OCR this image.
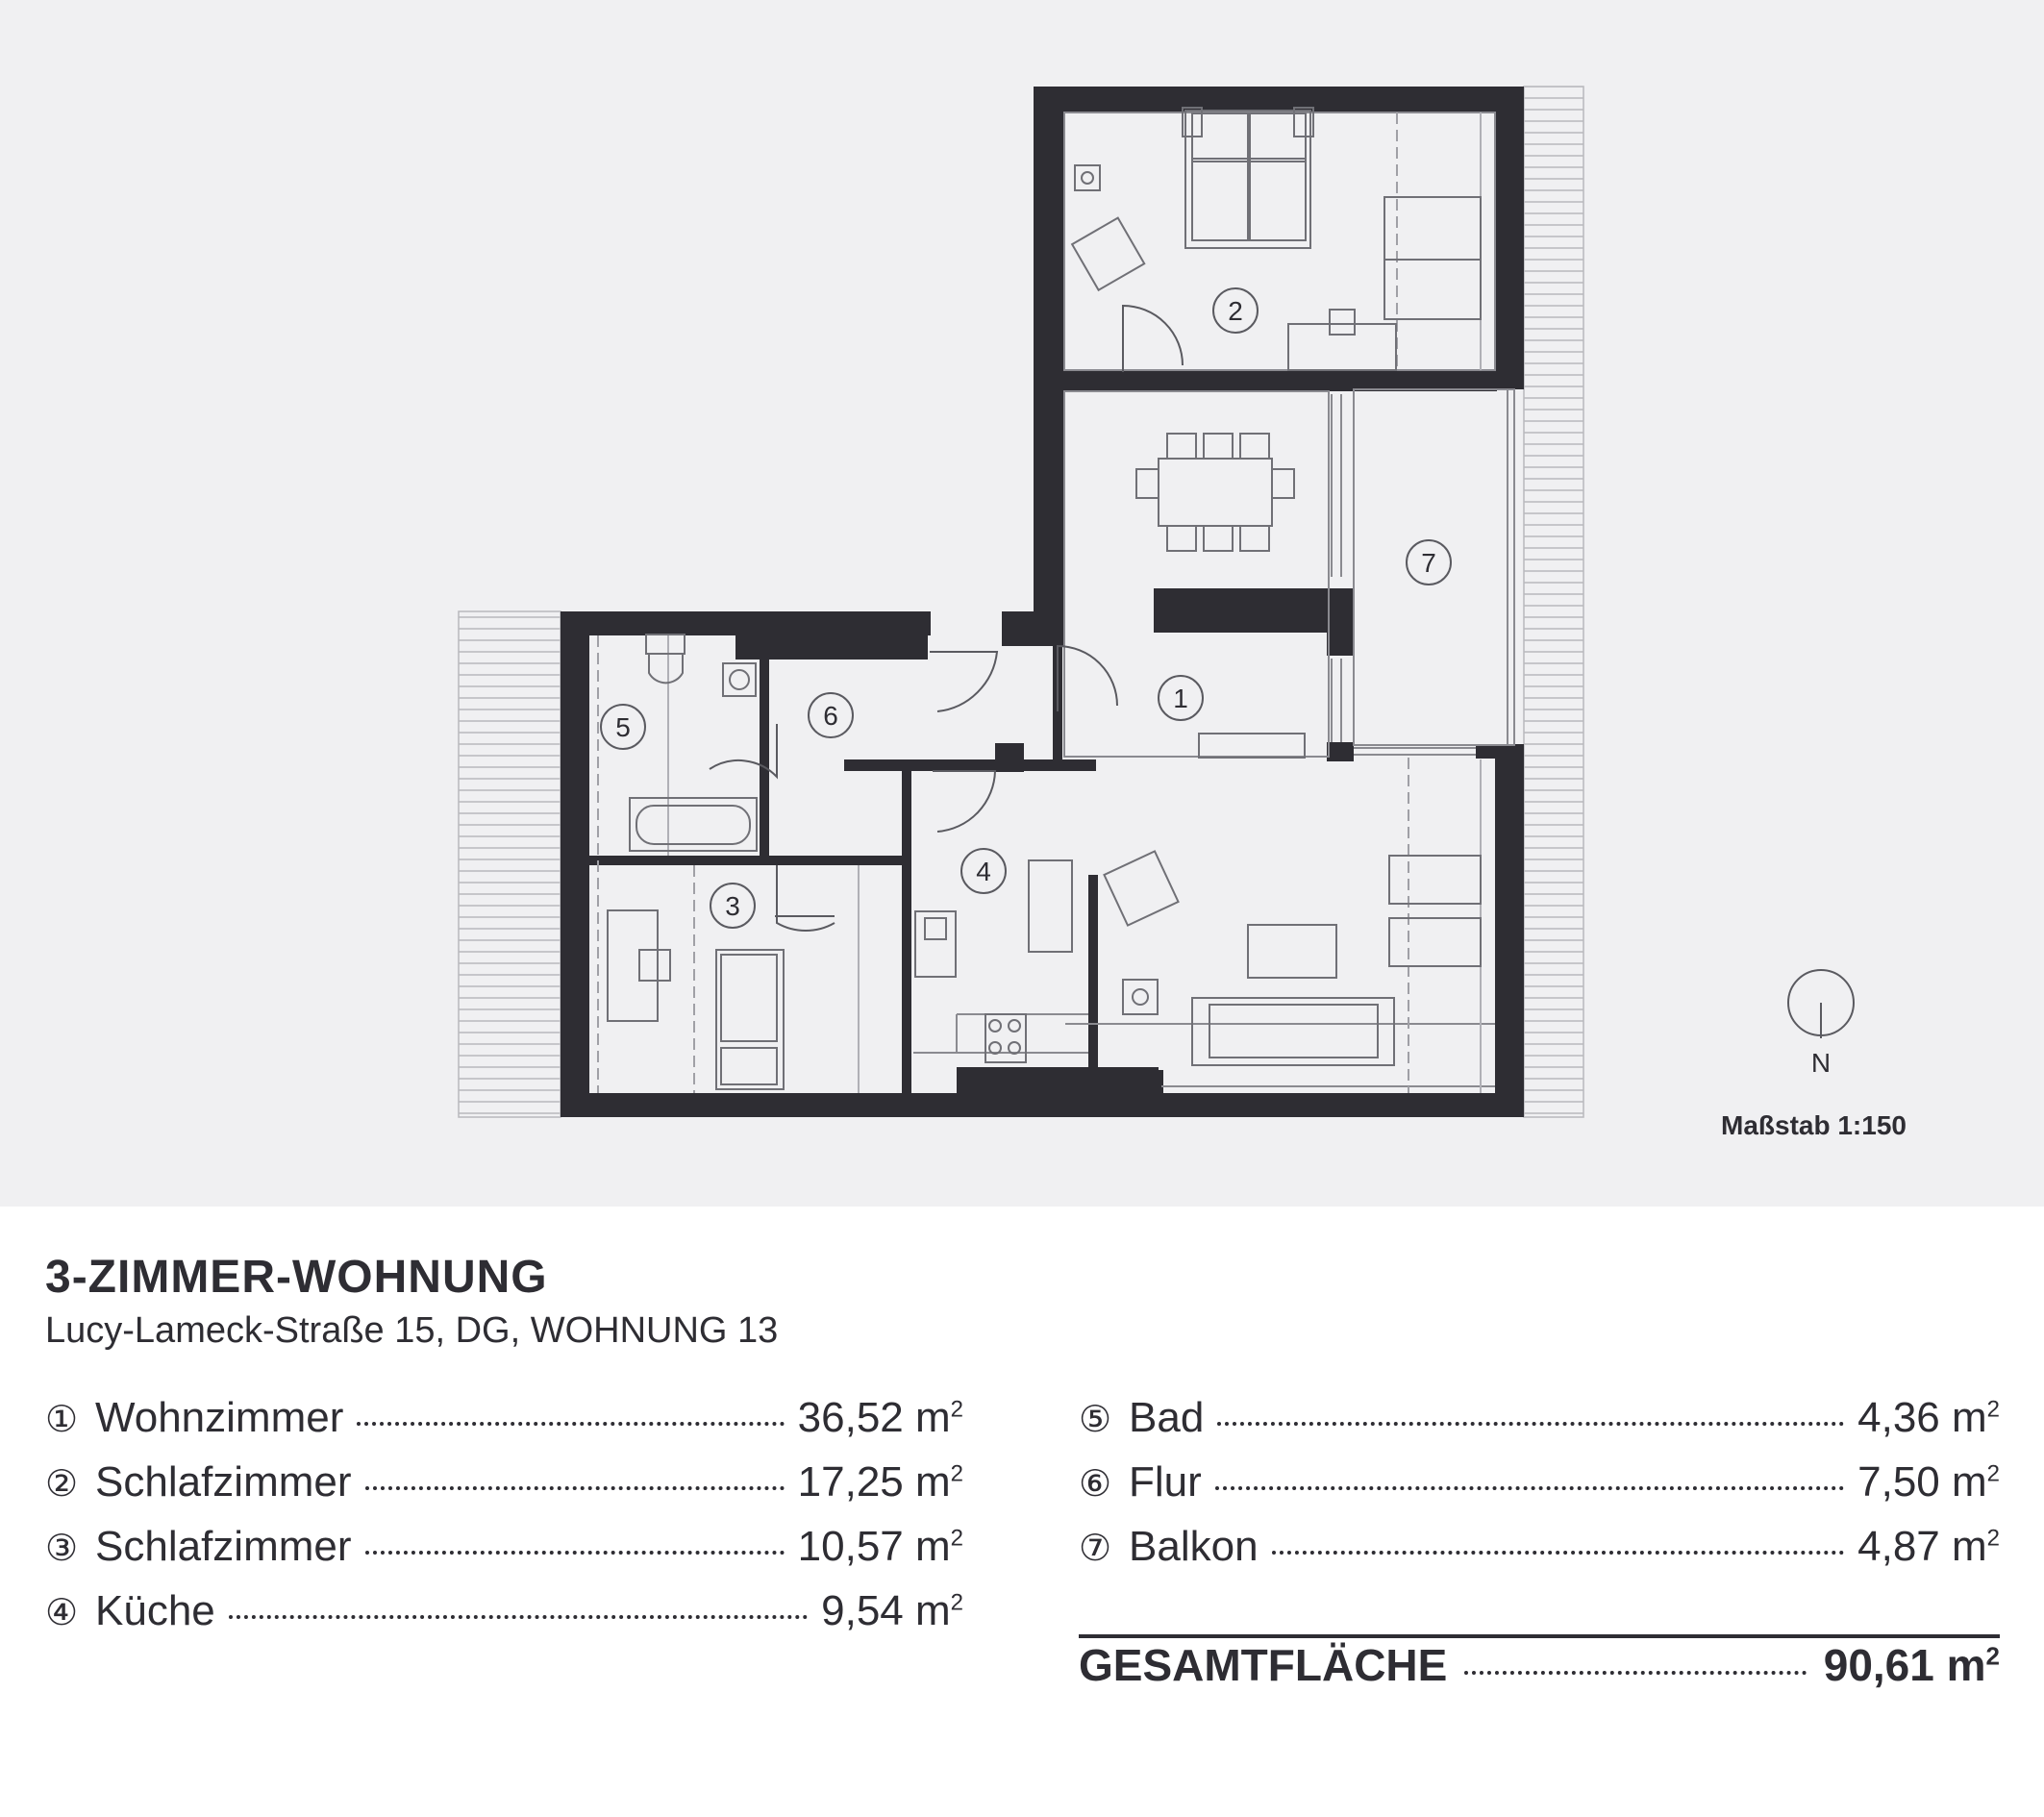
1
2
3
4
5	6
7
N
Maßstab 1:150
3-ZIMMER-WOHNUNG
Lucy-Lameck-Straße 15, DG, WOHNUNG 13
① Wohnzimmer	36,52 $m^2$
② Schlafzimmer	17,25 $m^2$
③ Schlafzimmer	10,57 $m^2$
④ Küche	9,54 $m^2$
⑤ Bad	4,36 $m^2$
⑥ Flur	7,50 $m^2$
⑦ Balkon	4,87 $m^2$
GESAMTFLÄCHE	90,61 $m^2$
